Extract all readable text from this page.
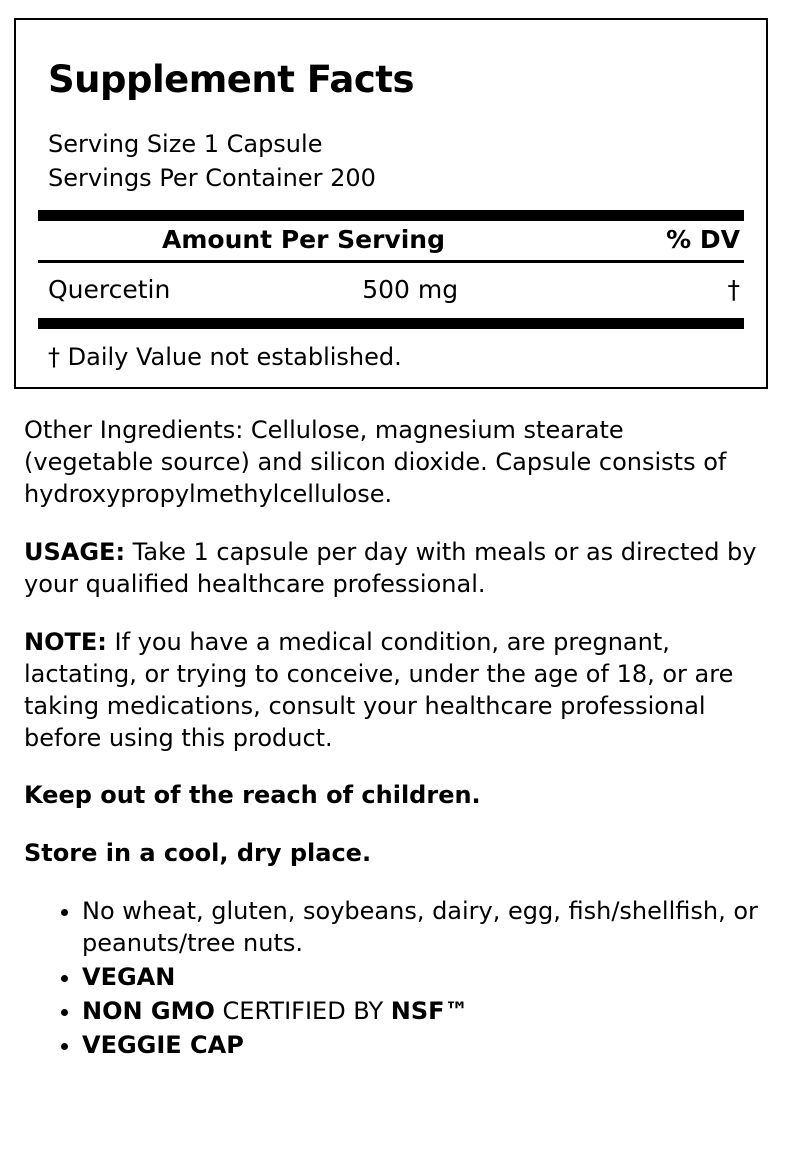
Supplement Facts
Serving Size 1 Capsule
Servings Per Container 200
Amount Per Serving	% DV
Quercetin	500 mg	†
† Daily Value not established.

Other Ingredients: Cellulose, magnesium stearate (vegetable source) and silicon dioxide. Capsule consists of hydroxypropylmethylcellulose.

USAGE: Take 1 capsule per day with meals or as directed by your qualified healthcare professional.

NOTE: If you have a medical condition, are pregnant, lactating, or trying to conceive, under the age of 18, or are taking medications, consult your healthcare professional before using this product.

Keep out of the reach of children.

Store in a cool, dry place.

• No wheat, gluten, soybeans, dairy, egg, fish/shellfish, or peanuts/tree nuts.
• VEGAN
• NON GMO CERTIFIED BY NSF™
• VEGGIE CAP
